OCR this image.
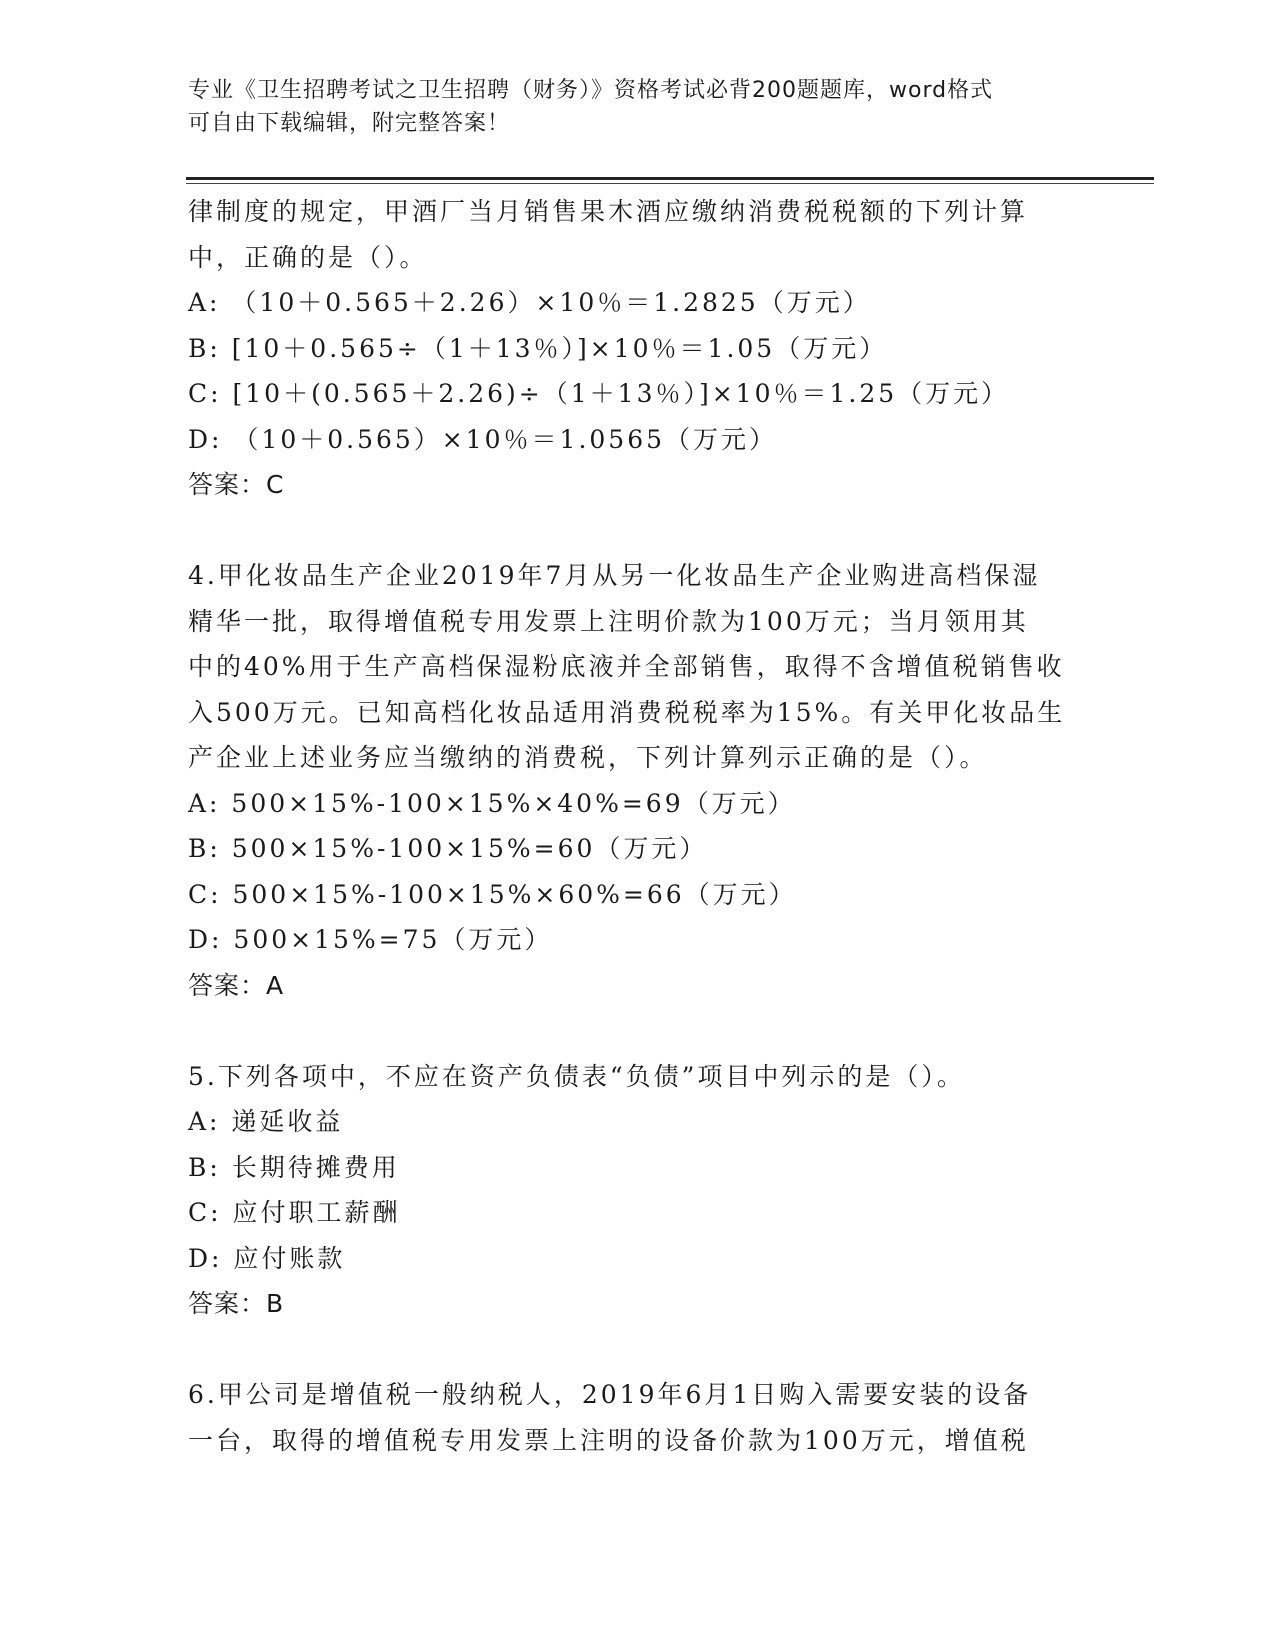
专业《卫生招聘考试之卫生招聘（财务）》资格考试必背200题题库，word格式
可自由下载编辑，附完整答案！
律制度的规定，甲酒厂当月销售果木酒应缴纳消费税税额的下列计算
中，正确的是（）。
A: （10＋0.565＋2.26）×10％＝1.2825（万元）
B: [10＋0.565÷（1＋13％）]×10％＝1.05（万元）
C: [10＋(0.565＋2.26)÷（1＋13％）]×10％＝1.25（万元）
D: （10＋0.565）×10％＝1.0565（万元）
答案：C
4.甲化妆品生产企业2019年7月从另一化妆品生产企业购进高档保湿
精华一批，取得增值税专用发票上注明价款为100万元；当月领用其
中的40%用于生产高档保湿粉底液并全部销售，取得不含增值税销售收
入500万元。已知高档化妆品适用消费税税率为15%。有关甲化妆品生
产企业上述业务应当缴纳的消费税，下列计算列示正确的是（）。
A: 500×15%-100×15%×40%=69（万元）
B: 500×15%-100×15%=60（万元）
C: 500×15%-100×15%×60%=66（万元）
D: 500×15%=75（万元）
答案：A
5.下列各项中，不应在资产负债表“负债”项目中列示的是（）。
A: 递延收益
B: 长期待摊费用
C: 应付职工薪酬
D: 应付账款
答案：B
6.甲公司是增值税一般纳税人，2019年6月1日购入需要安装的设备
一台，取得的增值税专用发票上注明的设备价款为100万元，增值税
